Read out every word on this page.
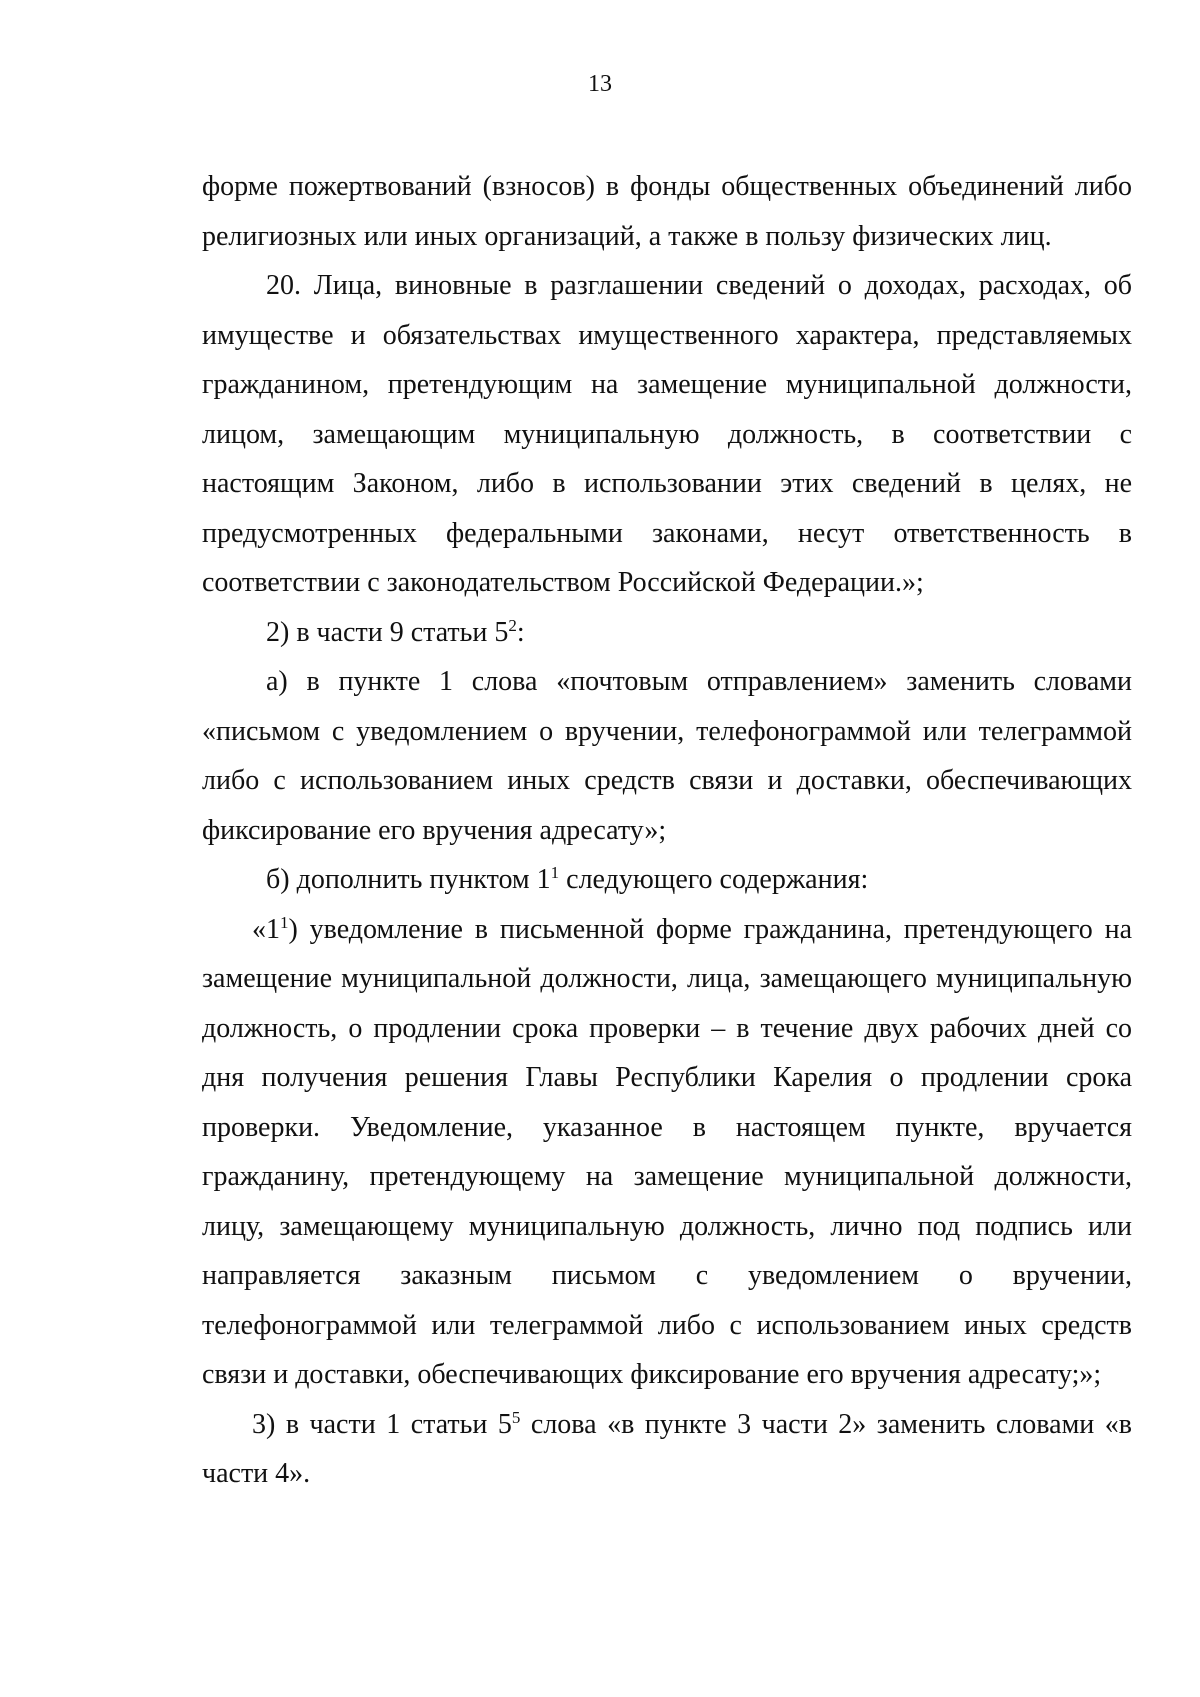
13

форме пожертвований (взносов) в фонды общественных объединений либо религиозных или иных организаций, а также в пользу физических лиц.

20. Лица, виновные в разглашении сведений о доходах, расходах, об имуществе и обязательствах имущественного характера, представляемых гражданином, претендующим на замещение муниципальной должности, лицом, замещающим муниципальную должность, в соответствии с настоящим Законом, либо в использовании этих сведений в целях, не предусмотренных федеральными законами, несут ответственность в соответствии с законодательством Российской Федерации.»;

2) в части 9 статьи $5^2$:

а) в пункте 1 слова «почтовым отправлением» заменить словами «письмом с уведомлением о вручении, телефонограммой или телеграммой либо с использованием иных средств связи и доставки, обеспечивающих фиксирование его вручения адресату»;

б) дополнить пунктом $1^1$ следующего содержания:

«$1^1$) уведомление в письменной форме гражданина, претендующего на замещение муниципальной должности, лица, замещающего муниципальную должность, о продлении срока проверки – в течение двух рабочих дней со дня получения решения Главы Республики Карелия о продлении срока проверки. Уведомление, указанное в настоящем пункте, вручается гражданину, претендующему на замещение муниципальной должности, лицу, замещающему муниципальную должность, лично под подпись или направляется заказным письмом с уведомлением о вручении, телефонограммой или телеграммой либо с использованием иных средств связи и доставки, обеспечивающих фиксирование его вручения адресату;»;

3) в части 1 статьи $5^5$ слова «в пункте 3 части 2» заменить словами «в части 4».
